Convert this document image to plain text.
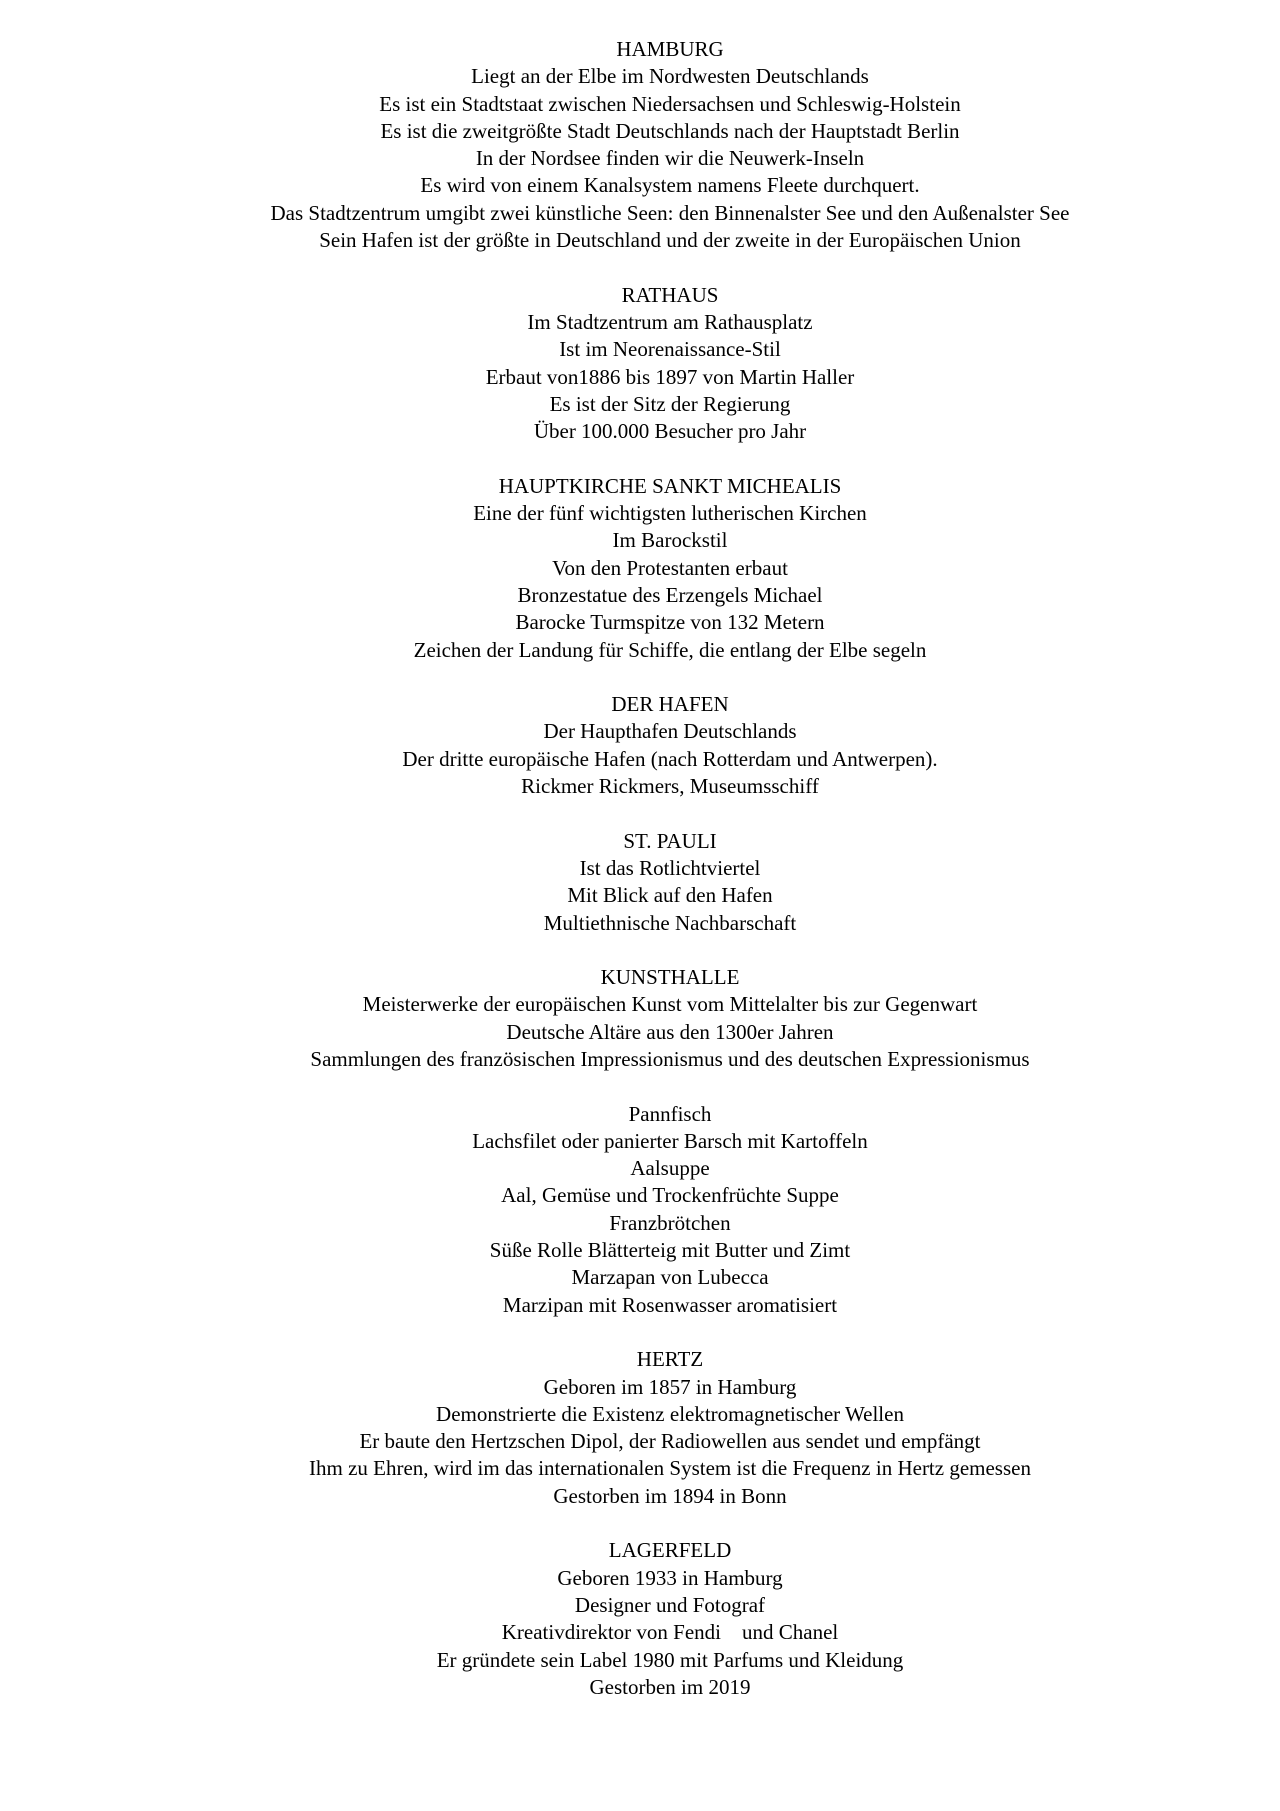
HAMBURG
Liegt an der Elbe im Nordwesten Deutschlands
Es ist ein Stadtstaat zwischen Niedersachsen und Schleswig-Holstein
Es ist die zweitgrößte Stadt Deutschlands nach der Hauptstadt Berlin
In der Nordsee finden wir die Neuwerk-Inseln
Es wird von einem Kanalsystem namens Fleete durchquert.
Das Stadtzentrum umgibt zwei künstliche Seen: den Binnenalster See und den Außenalster See
Sein Hafen ist der größte in Deutschland und der zweite in der Europäischen Union
RATHAUS
Im Stadtzentrum am Rathausplatz
Ist im Neorenaissance-Stil
Erbaut von1886 bis 1897 von Martin Haller
Es ist der Sitz der Regierung
Über 100.000 Besucher pro Jahr
HAUPTKIRCHE SANKT MICHEALIS
Eine der fünf wichtigsten lutherischen Kirchen
Im Barockstil
Von den Protestanten erbaut
Bronzestatue des Erzengels Michael
Barocke Turmspitze von 132 Metern
Zeichen der Landung für Schiffe, die entlang der Elbe segeln
DER HAFEN
Der Haupthafen Deutschlands
Der dritte europäische Hafen (nach Rotterdam und Antwerpen).
Rickmer Rickmers, Museumsschiff
ST. PAULI
Ist das Rotlichtviertel
Mit Blick auf den Hafen
Multiethnische Nachbarschaft
KUNSTHALLE
Meisterwerke der europäischen Kunst vom Mittelalter bis zur Gegenwart
Deutsche Altäre aus den 1300er Jahren
Sammlungen des französischen Impressionismus und des deutschen Expressionismus
Pannfisch
Lachsfilet oder panierter Barsch mit Kartoffeln
Aalsuppe
Aal, Gemüse und Trockenfrüchte Suppe
Franzbrötchen
Süße Rolle Blätterteig mit Butter und Zimt
Marzapan von Lubecca
Marzipan mit Rosenwasser aromatisiert
HERTZ
Geboren im 1857 in Hamburg
Demonstrierte die Existenz elektromagnetischer Wellen
Er baute den Hertzschen Dipol, der Radiowellen aus sendet und empfängt
Ihm zu Ehren, wird im das internationalen System ist die Frequenz in Hertz gemessen
Gestorben im 1894 in Bonn
LAGERFELD
Geboren 1933 in Hamburg
Designer und Fotograf
Kreativdirektor von Fendi    und Chanel
Er gründete sein Label 1980 mit Parfums und Kleidung
Gestorben im 2019
